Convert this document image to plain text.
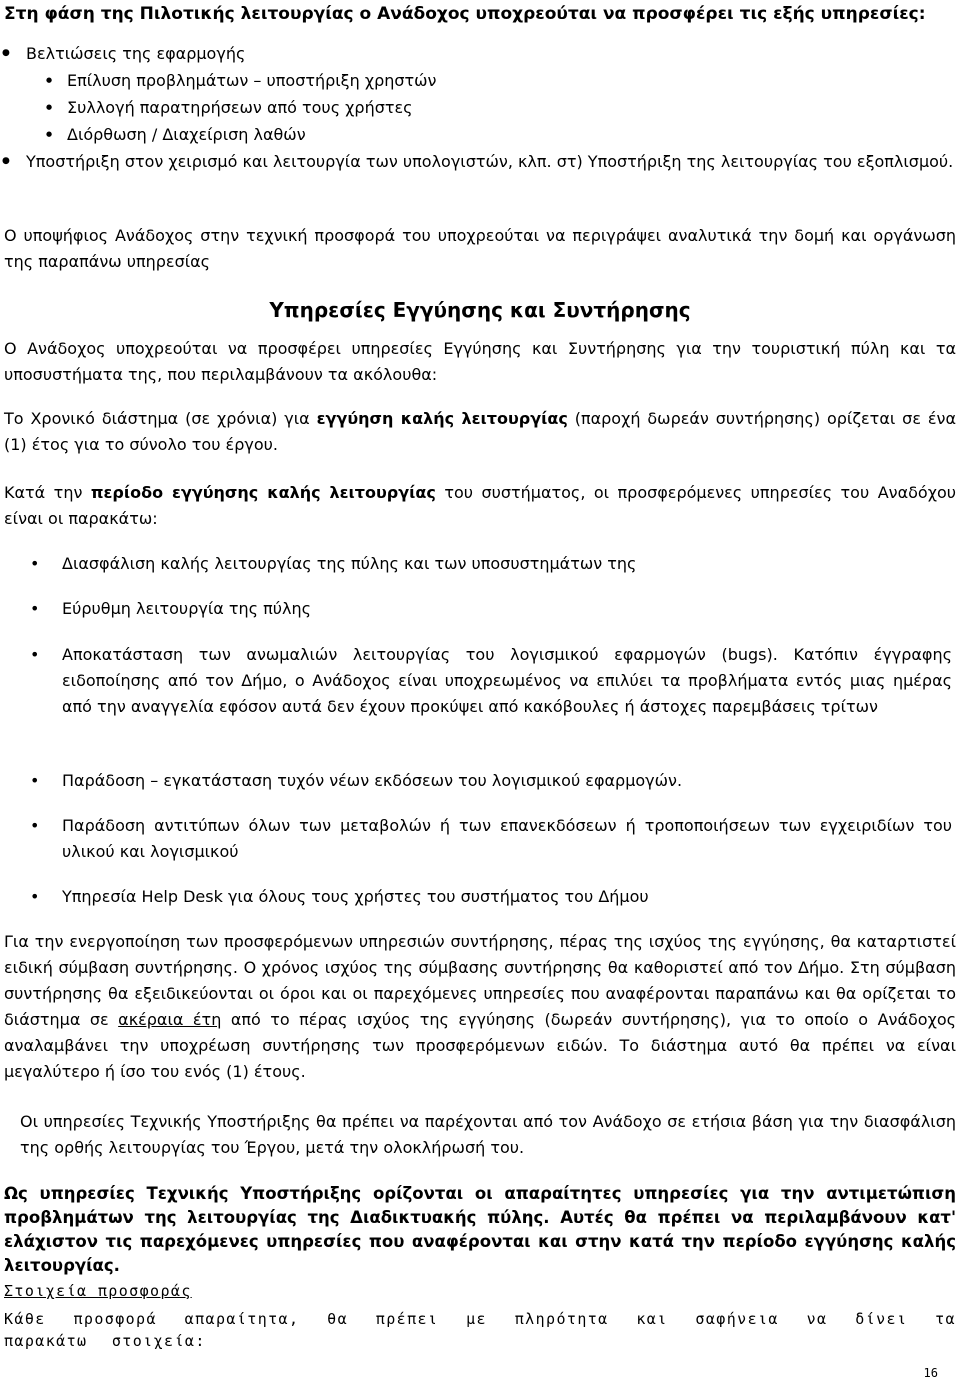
Στη φάση της Πιλοτικής λειτουργίας ο Ανάδοχος υποχρεούται να προσφέρει τις εξής υπηρεσίες:

● Βελτιώσεις της εφαρμογής
● Επίλυση προβλημάτων – υποστήριξη χρηστών
● Συλλογή παρατηρήσεων από τους χρήστες
● Διόρθωση / Διαχείριση λαθών
● Υποστήριξη στον χειρισμό και λειτουργία των υπολογιστών, κλπ. στ) Υποστήριξη της λειτουργίας του εξοπλισμού.

Ο υποψήφιος Ανάδοχος στην τεχνική προσφορά του υποχρεούται να περιγράψει αναλυτικά την δομή και οργάνωση της παραπάνω υπηρεσίας

Υπηρεσίες Εγγύησης και Συντήρησης

Ο Ανάδοχος υποχρεούται να προσφέρει υπηρεσίες Εγγύησης και Συντήρησης για την τουριστική πύλη και τα υποσυστήματα της, που περιλαμβάνουν τα ακόλουθα:

Το Χρονικό διάστημα (σε χρόνια) για εγγύηση καλής λειτουργίας (παροχή δωρεάν συντήρησης) ορίζεται σε ένα (1) έτος για το σύνολο του έργου.

Κατά την περίοδο εγγύησης καλής λειτουργίας του συστήματος, οι προσφερόμενες υπηρεσίες του Αναδόχου είναι οι παρακάτω:

• Διασφάλιση καλής λειτουργίας της πύλης και των υποσυστημάτων της
• Εύρυθμη λειτουργία της πύλης
• Αποκατάσταση των ανωμαλιών λειτουργίας του λογισμικού εφαρμογών (bugs). Κατόπιν έγγραφης ειδοποίησης από τον Δήμο, ο Ανάδοχος είναι υποχρεωμένος να επιλύει τα προβλήματα εντός μιας ημέρας από την αναγγελία εφόσον αυτά δεν έχουν προκύψει από κακόβουλες ή άστοχες παρεμβάσεις τρίτων
• Παράδοση – εγκατάσταση τυχόν νέων εκδόσεων του λογισμικού εφαρμογών.
• Παράδοση αντιτύπων όλων των μεταβολών ή των επανεκδόσεων ή τροποποιήσεων των εγχειριδίων του υλικού και λογισμικού
• Υπηρεσία Help Desk για όλους τους χρήστες του συστήματος του Δήμου

Για την ενεργοποίηση των προσφερόμενων υπηρεσιών συντήρησης, πέρας της ισχύος της εγγύησης, θα καταρτιστεί ειδική σύμβαση συντήρησης. Ο χρόνος ισχύος της σύμβασης συντήρησης θα καθοριστεί από τον Δήμο. Στη σύμβαση συντήρησης θα εξειδικεύονται οι όροι και οι παρεχόμενες υπηρεσίες που αναφέρονται παραπάνω και θα ορίζεται το διάστημα σε ακέραια έτη από το πέρας ισχύος της εγγύησης (δωρεάν συντήρησης), για το οποίο ο Ανάδοχος αναλαμβάνει την υποχρέωση συντήρησης των προσφερόμενων ειδών. Το διάστημα αυτό θα πρέπει να είναι μεγαλύτερο ή ίσο του ενός (1) έτους.

Οι υπηρεσίες Τεχνικής Υποστήριξης θα πρέπει να παρέχονται από τον Ανάδοχο σε ετήσια βάση για την διασφάλιση της ορθής λειτουργίας του Έργου, μετά την ολοκλήρωσή του.

Ως υπηρεσίες Τεχνικής Υποστήριξης ορίζονται οι απαραίτητες υπηρεσίες για την αντιμετώπιση προβλημάτων της λειτουργίας της Διαδικτυακής πύλης. Αυτές θα πρέπει να περιλαμβάνουν κατ' ελάχιστον τις παρεχόμενες υπηρεσίες που αναφέρονται και στην κατά την περίοδο εγγύησης καλής λειτουργίας.

Στοιχεία προσφοράς

Κάθε προσφορά απαραίτητα, θα πρέπει με πληρότητα και σαφήνεια να δίνει τα παρακάτω στοιχεία:

16
